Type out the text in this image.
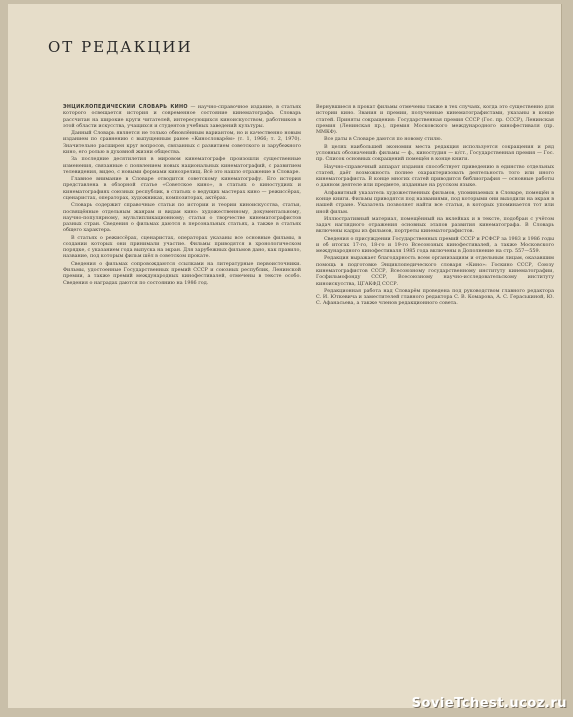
ОТ РЕДАКЦИИ

ЭНЦИКЛОПЕДИЧЕСКИЙ СЛОВАРЬ КИНО — научно-справочное издание, в статьях которого освещается история и современное состояние кинематографа. Словарь рассчитан на широкие круги читателей, интересующихся киноискусством, работников в этой области искусства, учащихся и студентов учебных заведений культуры.

Данный Словарь является не только обновлённым вариантом, но и качественно новым изданием по сравнению с выпущенным ранее «Кинословарём» (т. 1, 1966; т. 2, 1970). Значительно расширен круг вопросов, связанных с развитием советского и зарубежного кино, его ролью в духовной жизни общества.

За последние десятилетия в мировом кинематографе произошли существенные изменения, связанные с появлением новых национальных кинематографий, с развитием телевидения, видео, с новыми формами кинозрелищ. Всё это нашло отражение в Словаре.

Главное внимание в Словаре отводится советскому кинематографу. Его история представлена в обзорной статье «Советское кино», в статьях о киностудиях и кинематографиях союзных республик, в статьях о ведущих мастерах кино — режиссёрах, сценаристах, операторах, художниках, композиторах, актёрах.

Словарь содержит справочные статьи по истории и теории киноискусства, статьи, посвящённые отдельным жанрам и видам кино: художественному, документальному, научно-популярному, мультипликационному; статьи о творчестве кинематографистов разных стран. Сведения о фильмах даются в персональных статьях, а также в статьях общего характера.

В статьях о режиссёрах, сценаристах, операторах указаны все основные фильмы, в создании которых они принимали участие. Фильмы приводятся в хронологическом порядке, с указанием года выпуска на экран. Для зарубежных фильмов дано, как правило, название, под которым фильм шёл в советском прокате.

Сведения о фильмах сопровождаются ссылками на литературные первоисточники. Фильмы, удостоенные Государственных премий СССР и союзных республик, Ленинской премии, а также премий международных кинофестивалей, отмечены в тексте особо. Сведения о наградах даются по состоянию на 1986 год.

Вернувшиеся в прокат фильмы отмечены также в тех случаях, когда это существенно для истории кино. Звания и премии, полученные кинематографистами, указаны в конце статей. Приняты сокращения: Государственная премия СССР (Гос. пр. СССР), Ленинская премия (Ленинская пр.), премия Московского международного кинофестиваля (пр. ММКФ).

Все даты в Словаре даются по новому стилю.

В целях наибольшей экономии места редакция используется сокращения и ряд условных обозначений: фильмы — ф., киностудия — к/ст., Государственная премия — Гос. пр. Список основных сокращений помещён в конце книги.

Научно-справочный аппарат издания способствует приведению в единство отдельных статей, даёт возможность полнее охарактеризовать деятельность того или иного кинематографиста. В конце многих статей приводится библиография — основные работы о данном деятеле или предмете, изданные на русском языке.

Алфавитный указатель художественных фильмов, упоминаемых в Словаре, помещён в конце книги. Фильмы приводятся под названиями, под которыми они выходили на экран в нашей стране. Указатель позволяет найти все статьи, в которых упоминается тот или иной фильм.

Иллюстративный материал, помещённый на вклейках и в тексте, подобран с учётом задач наглядного отражения основных этапов развития кинематографа. В Словарь включены кадры из фильмов, портреты кинематографистов.

Сведения о присуждении Государственных премий СССР и РСФСР за 1983 и 1986 годы и об итогах 17-го, 18-го и 19-го Всесоюзных кинофестивалей, а также Московского международного кинофестиваля 1985 года включены в Дополнение на стр. 557—559.

Редакция выражает благодарность всем организациям и отдельным лицам, оказавшим помощь в подготовке Энциклопедического словаря «Кино»: Госкино СССР, Союзу кинематографистов СССР, Всесоюзному государственному институту кинематографии, Госфильмофонду СССР, Всесоюзному научно-исследовательскому институту киноискусства, ЦГАКФД СССР.

Редакционная работа над Словарём проведена под руководством главного редактора С. И. Юткевича и заместителей главного редактора С. В. Комарова, А. С. Гераськиной, Ю. С. Афанасьева, а также членов редакционного совета.

SovieTchest.ucoz.ru
